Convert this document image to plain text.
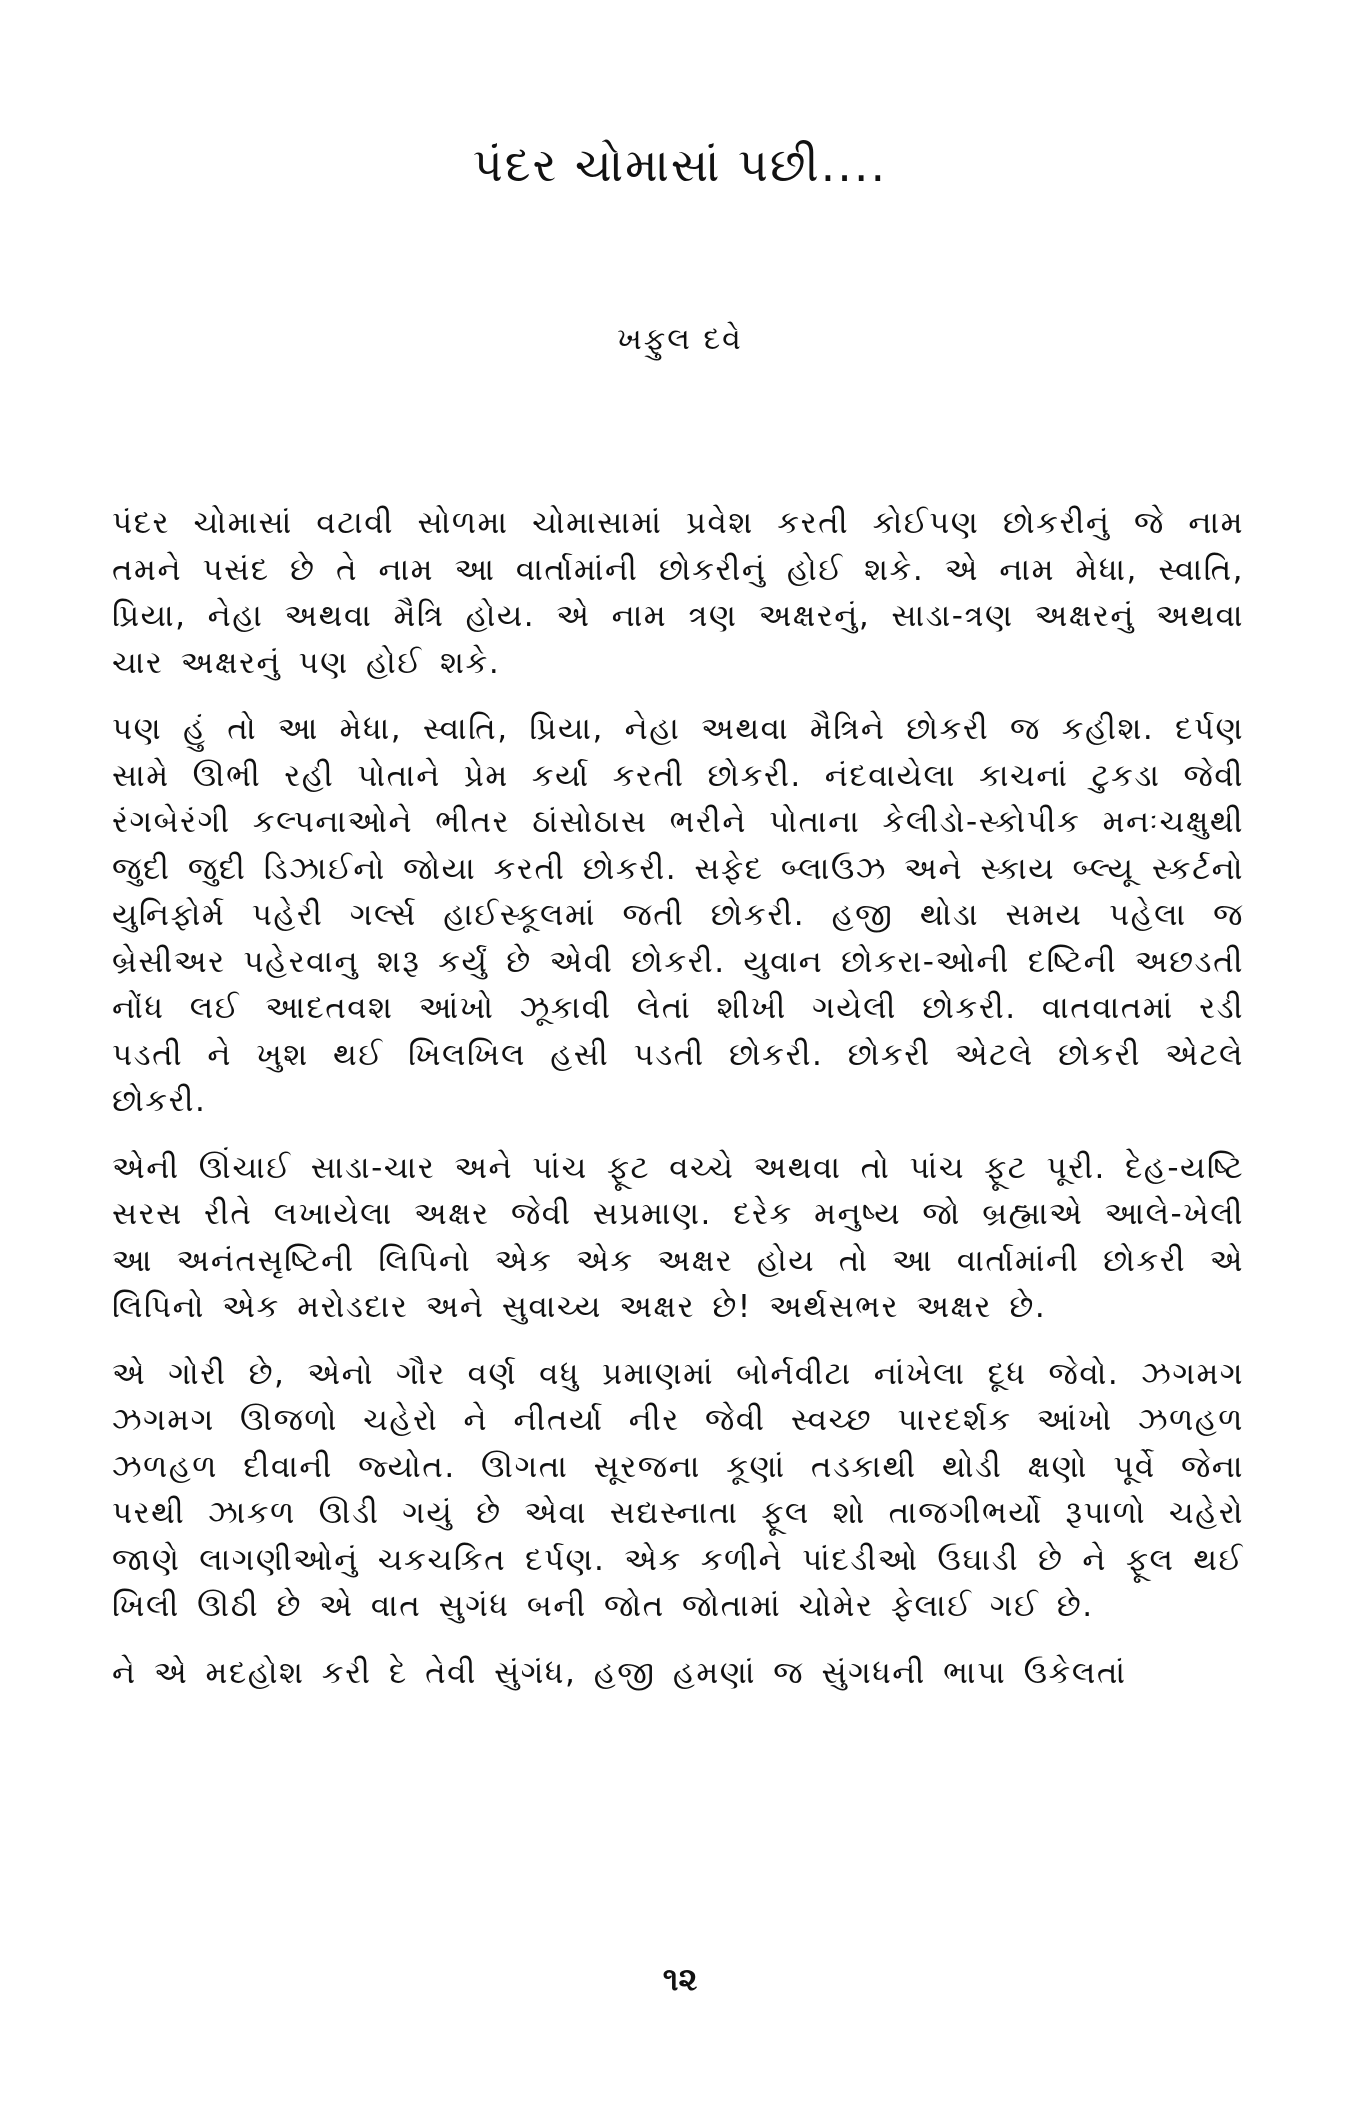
પંદર ચોમાસાં પછી....
ખફુલ દવે

પંદર ચોમાસાં વટાવી સોળમા ચોમાસામાં પ્રવેશ કરતી કોઈપણ છોકરીનું જે નામ તમને પસંદ છે તે નામ આ વાર્તામાંની છોકરીનું હોઈ શકે. એ નામ મેધા, સ્વાતિ, પ્રિયા, નેહા અથવા મૈત્રિ હોય. એ નામ ત્રણ અક્ષરનું, સાડા-ત્રણ અક્ષરનું અથવા ચાર અક્ષરનું પણ હોઈ શકે.

પણ હું તો આ મેધા, સ્વાતિ, પ્રિયા, નેહા અથવા મૈત્રિને છોકરી જ કહીશ. દર્પણ સામે ઊભી રહી પોતાને પ્રેમ કર્યા કરતી છોકરી. નંદવાયેલા કાચનાં ટુકડા જેવી રંગબેરંગી કલ્પનાઓને ભીતર ઠાંસોઠાસ ભરીને પોતાના કેલીડો-સ્કોપીક મનઃચક્ષુથી જુદી જુદી ડિઝાઈનો જોયા કરતી છોકરી. સફેદ બ્લાઉઝ અને સ્કાય બ્લ્યૂ સ્કર્ટનો યુનિફોર્મ પહેરી ગર્લ્સ હાઈસ્કૂલમાં જતી છોકરી. હજી થોડા સમય પહેલા જ બ્રેસીઅર પહેરવાનુ શરૂ કર્યું છે એવી છોકરી. યુવાન છોકરા-ઓની દષ્ટિની અછડતી નોંધ લઈ આદતવશ આંખો ઝૂકાવી લેતાં શીખી ગયેલી છોકરી. વાતવાતમાં રડી પડતી ને ખુશ થઈ ખિલખિલ હસી પડતી છોકરી. છોકરી એટલે છોકરી એટલે છોકરી.

એની ઊંચાઈ સાડા-ચાર અને પાંચ ફૂટ વચ્ચે અથવા તો પાંચ ફૂટ પૂરી. દેહ-યષ્ટિ સરસ રીતે લખાયેલા અક્ષર જેવી સપ્રમાણ. દરેક મનુષ્ય જો બ્રહ્માએ આલે-ખેલી આ અનંતસૃષ્ટિની લિપિનો એક એક અક્ષર હોય તો આ વાર્તામાંની છોકરી એ લિપિનો એક મરોડદાર અને સુવાચ્ય અક્ષર છે! અર્થસભર અક્ષર છે.

એ ગોરી છે, એનો ગૌર વર્ણ વધુ પ્રમાણમાં બોર્નવીટા નાંખેલા દૂધ જેવો. ઝગમગ ઝગમગ ઊજળો ચહેરો ને નીતર્યા નીર જેવી સ્વચ્છ પારદર્શક આંખો ઝળહળ ઝળહળ દીવાની જ્યોત. ઊગતા સૂરજના કૂણાં તડકાથી થોડી ક્ષણો પૂર્વે જેના પરથી ઝાકળ ઊડી ગયું છે એવા સદ્યસ્નાતા ફૂલ શો તાજગીભર્યો રૂપાળો ચહેરો જાણે લાગણીઓનું ચકચકિત દર્પણ. એક કળીને પાંદડીઓ ઉઘાડી છે ને ફૂલ થઈ ખિલી ઊઠી છે એ વાત સુગંધ બની જોત જોતામાં ચોમેર ફેલાઈ ગઈ છે.

ને એ મદહોશ કરી દે તેવી સુંગંધ, હજી હમણાં જ સુંગધની ભાપા ઉકેલતાં

૧૨
